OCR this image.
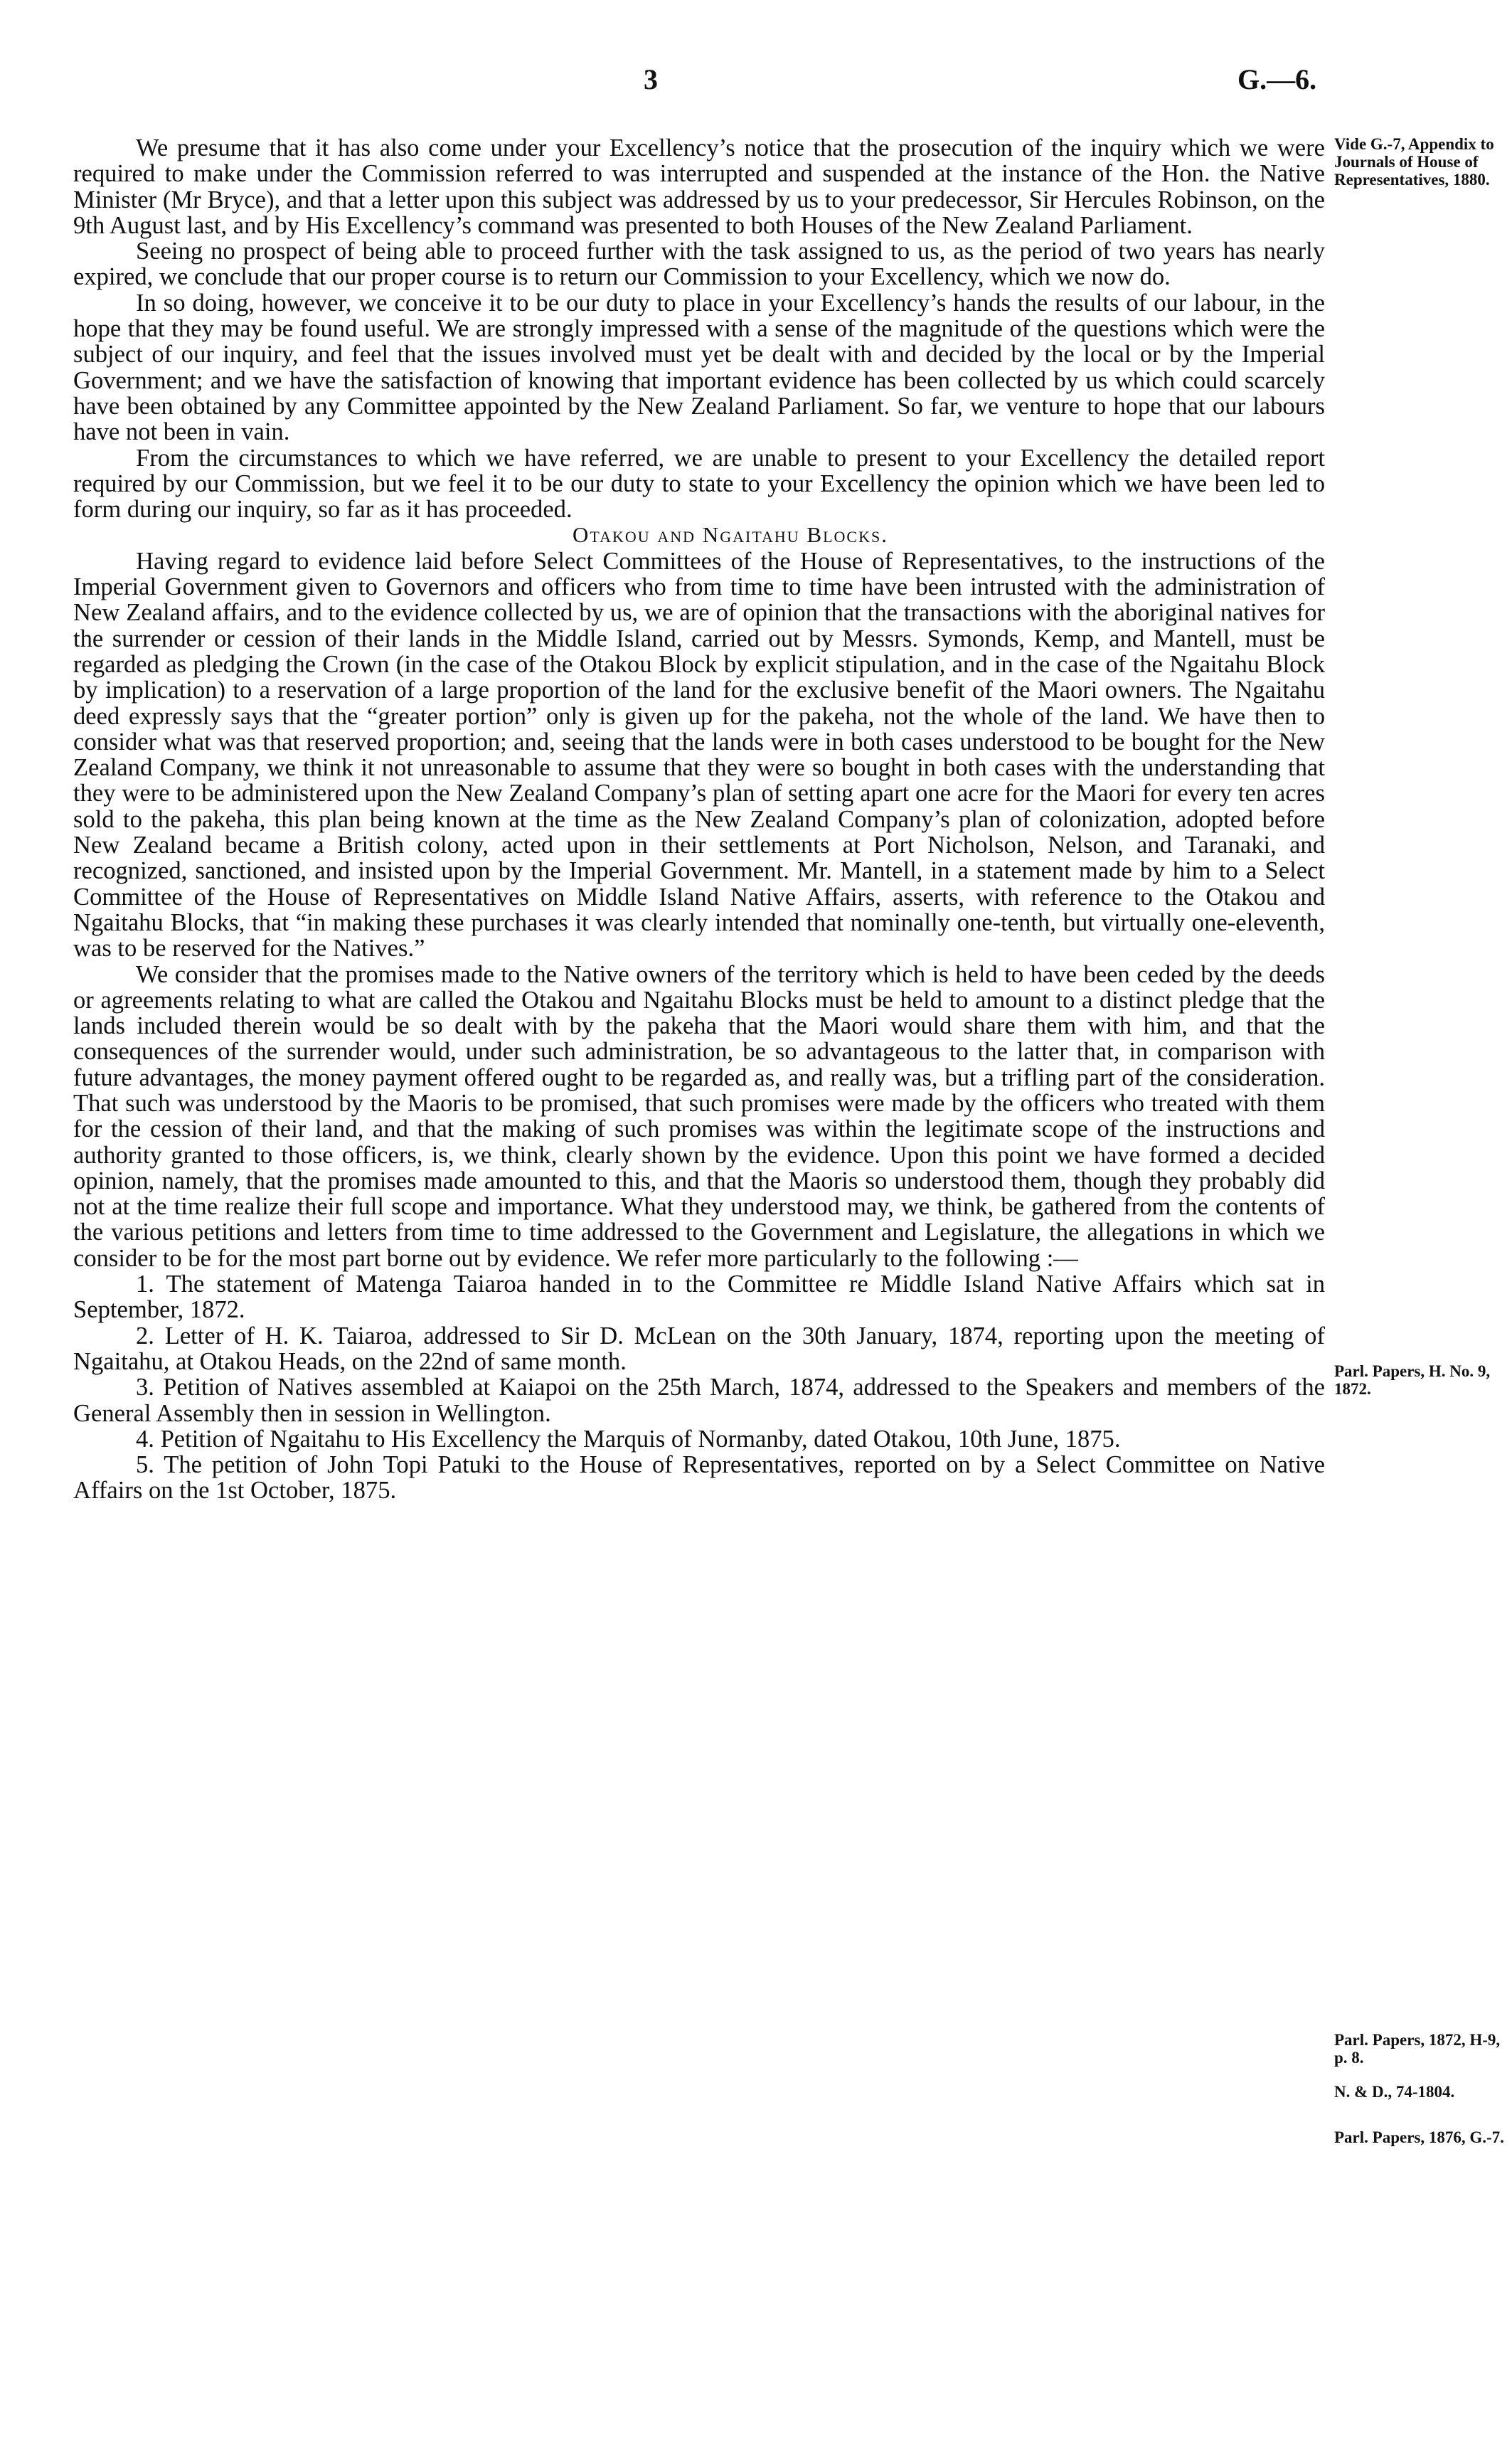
3	G.—6.

We presume that it has also come under your Excellency’s notice that the prosecution of the inquiry which we were required to make under the Commission referred to was interrupted and suspended at the instance of the Hon. the Native Minister (Mr Bryce), and that a letter upon this subject was addressed by us to your predecessor, Sir Hercules Robinson, on the 9th August last, and by His Excellency’s command was presented to both Houses of the New Zealand Parliament.

Seeing no prospect of being able to proceed further with the task assigned to us, as the period of two years has nearly expired, we conclude that our proper course is to return our Commission to your Excellency, which we now do.

In so doing, however, we conceive it to be our duty to place in your Excellency’s hands the results of our labour, in the hope that they may be found useful. We are strongly impressed with a sense of the magnitude of the questions which were the subject of our inquiry, and feel that the issues involved must yet be dealt with and decided by the local or by the Imperial Government; and we have the satisfaction of knowing that important evidence has been collected by us which could scarcely have been obtained by any Committee appointed by the New Zealand Parliament. So far, we venture to hope that our labours have not been in vain.

From the circumstances to which we have referred, we are unable to present to your Excellency the detailed report required by our Commission, but we feel it to be our duty to state to your Excellency the opinion which we have been led to form during our inquiry, so far as it has proceeded.

Otakou and Ngaitahu Blocks.

Having regard to evidence laid before Select Committees of the House of Representatives, to the instructions of the Imperial Government given to Governors and officers who from time to time have been intrusted with the administration of New Zealand affairs, and to the evidence collected by us, we are of opinion that the transactions with the aboriginal natives for the surrender or cession of their lands in the Middle Island, carried out by Messrs. Symonds, Kemp, and Mantell, must be regarded as pledging the Crown (in the case of the Otakou Block by explicit stipulation, and in the case of the Ngaitahu Block by implication) to a reservation of a large proportion of the land for the exclusive benefit of the Maori owners. The Ngaitahu deed expressly says that the “greater portion” only is given up for the pakeha, not the whole of the land. We have then to consider what was that reserved proportion; and, seeing that the lands were in both cases understood to be bought for the New Zealand Company, we think it not unreasonable to assume that they were so bought in both cases with the understanding that they were to be administered upon the New Zealand Company’s plan of setting apart one acre for the Maori for every ten acres sold to the pakeha, this plan being known at the time as the New Zealand Company’s plan of colonization, adopted before New Zealand became a British colony, acted upon in their settlements at Port Nicholson, Nelson, and Taranaki, and recognized, sanctioned, and insisted upon by the Imperial Government. Mr. Mantell, in a statement made by him to a Select Committee of the House of Representatives on Middle Island Native Affairs, asserts, with reference to the Otakou and Ngaitahu Blocks, that “in making these purchases it was clearly intended that nominally one-tenth, but virtually one-eleventh, was to be reserved for the Natives.”

We consider that the promises made to the Native owners of the territory which is held to have been ceded by the deeds or agreements relating to what are called the Otakou and Ngaitahu Blocks must be held to amount to a distinct pledge that the lands included therein would be so dealt with by the pakeha that the Maori would share them with him, and that the consequences of the surrender would, under such administration, be so advantageous to the latter that, in comparison with future advantages, the money payment offered ought to be regarded as, and really was, but a trifling part of the consideration. That such was understood by the Maoris to be promised, that such promises were made by the officers who treated with them for the cession of their land, and that the making of such promises was within the legitimate scope of the instructions and authority granted to those officers, is, we think, clearly shown by the evidence. Upon this point we have formed a decided opinion, namely, that the promises made amounted to this, and that the Maoris so understood them, though they probably did not at the time realize their full scope and importance. What they understood may, we think, be gathered from the contents of the various petitions and letters from time to time addressed to the Government and Legislature, the allegations in which we consider to be for the most part borne out by evidence. We refer more particularly to the following :—

1. The statement of Matenga Taiaroa handed in to the Committee re Middle Island Native Affairs which sat in September, 1872.

2. Letter of H. K. Taiaroa, addressed to Sir D. McLean on the 30th January, 1874, reporting upon the meeting of Ngaitahu, at Otakou Heads, on the 22nd of same month.

3. Petition of Natives assembled at Kaiapoi on the 25th March, 1874, addressed to the Speakers and members of the General Assembly then in session in Wellington.

4. Petition of Ngaitahu to His Excellency the Marquis of Normanby, dated Otakou, 10th June, 1875.

5. The petition of John Topi Patuki to the House of Representatives, reported on by a Select Committee on Native Affairs on the 1st October, 1875.

Vide G.-7, Appendix to Journals of House of Representatives, 1880.
Parl. Papers, H. No. 9, 1872.
Parl. Papers, 1872, H-9, p. 8.
N. & D., 74-1804.
Parl. Papers, 1876, G.-7.
